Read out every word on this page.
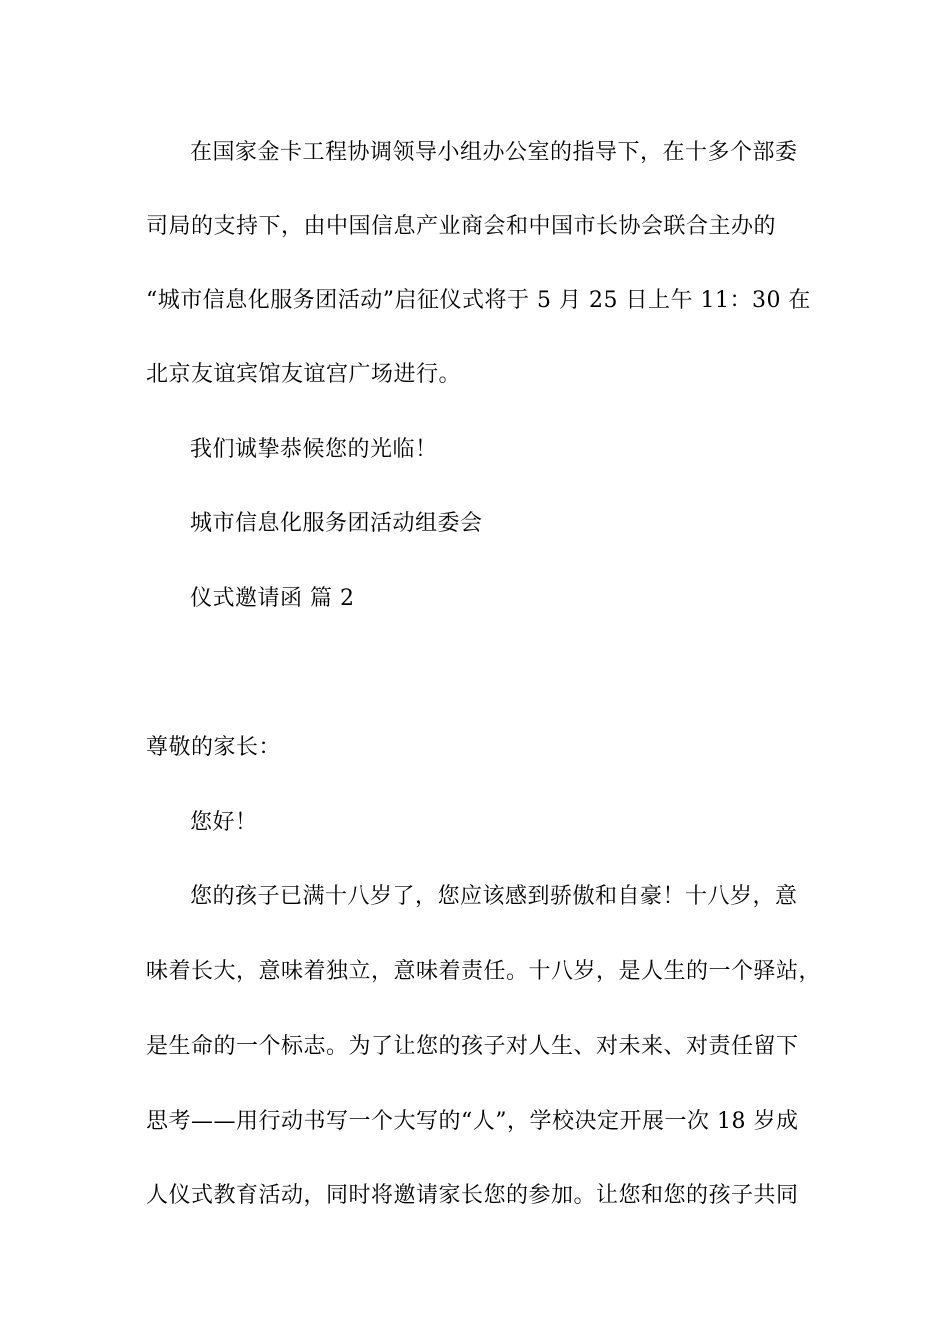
在国家金卡工程协调领导小组办公室的指导下，在十多个部委
司局的支持下，由中国信息产业商会和中国市长协会联合主办的
“城市信息化服务团活动”启征仪式将于 5 月 25 日上午 11：30 在
北京友谊宾馆友谊宫广场进行。
我们诚挚恭候您的光临！
城市信息化服务团活动组委会
仪式邀请函 篇 2
尊敬的家长：
您好！
您的孩子已满十八岁了，您应该感到骄傲和自豪！十八岁，意
味着长大，意味着独立，意味着责任。十八岁，是人生的一个驿站，
是生命的一个标志。为了让您的孩子对人生、对未来、对责任留下
思考——用行动书写一个大写的“人”，学校决定开展一次 18 岁成
人仪式教育活动，同时将邀请家长您的参加。让您和您的孩子共同
